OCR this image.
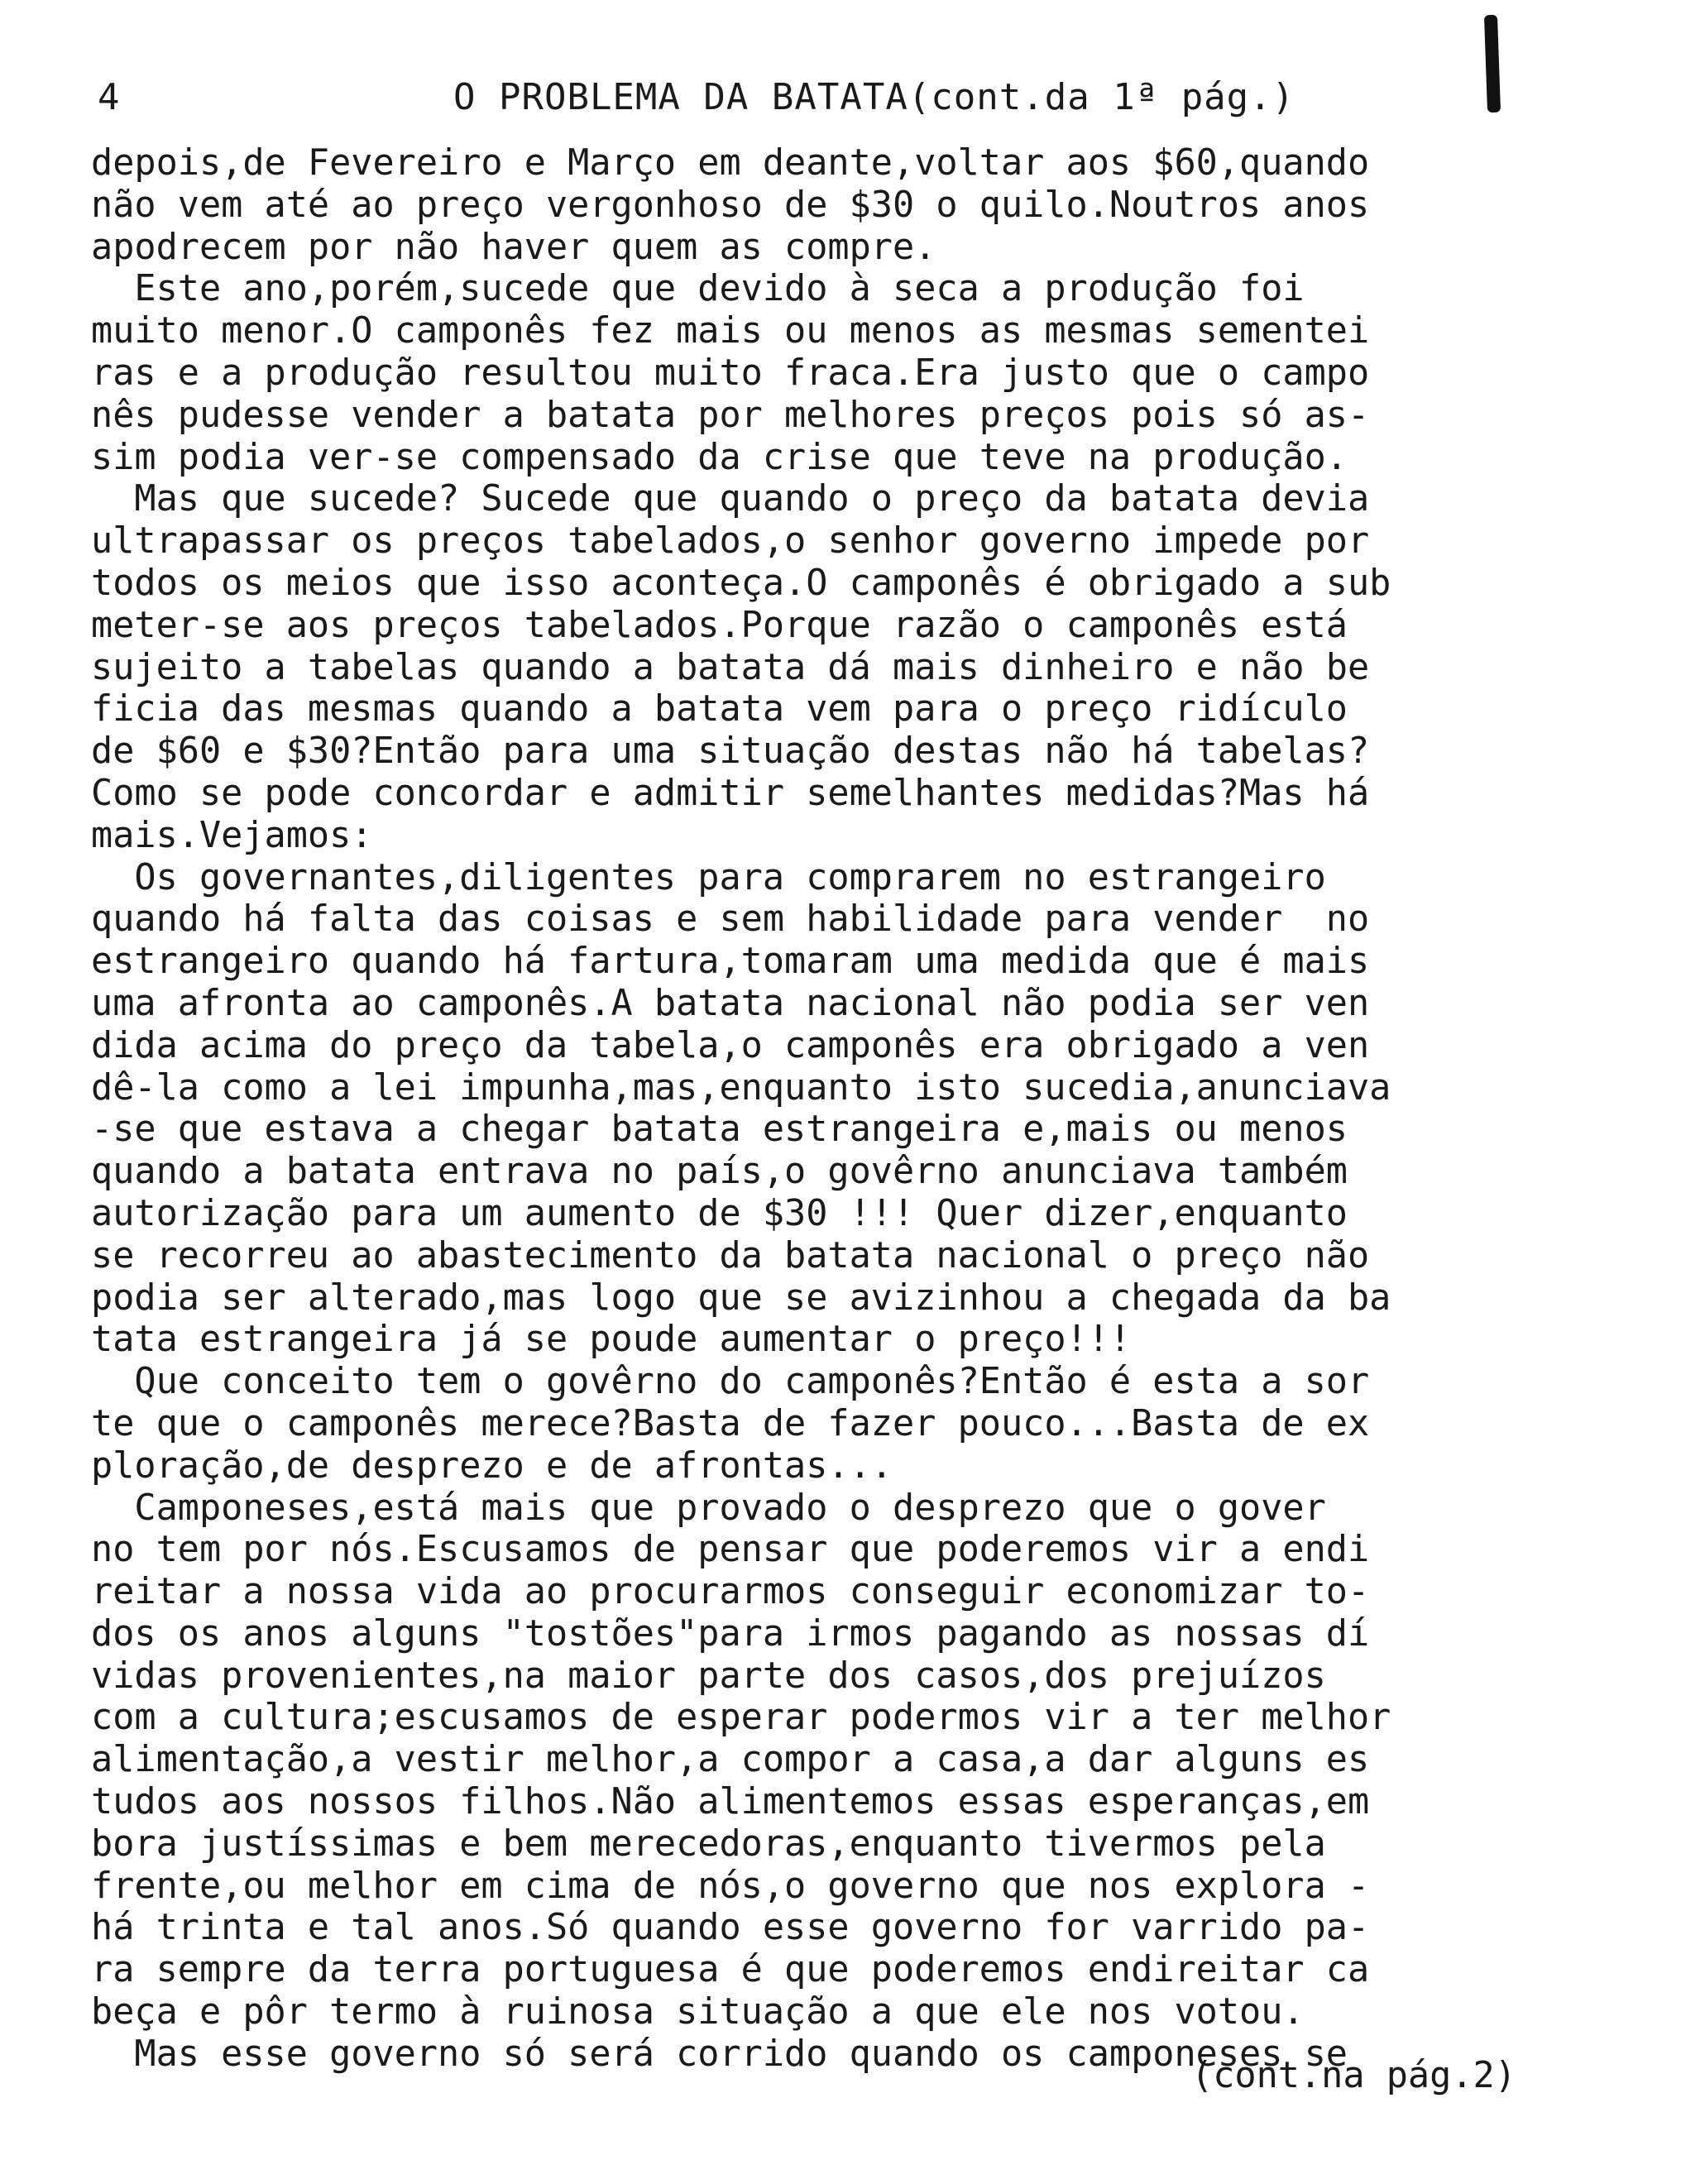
4	O PROBLEMA DA BATATA(cont.da 1ª pág.)
depois,de Fevereiro e Março em deante,voltar aos $60,quando
não vem até ao preço vergonhoso de $30 o quilo.Noutros anos
apodrecem por não haver quem as compre.
Este ano,porém,sucede que devido à seca a produção foi
muito menor.O camponês fez mais ou menos as mesmas sementei
ras e a produção resultou muito fraca.Era justo que o campo
nês pudesse vender a batata por melhores preços pois só as-
sim podia ver-se compensado da crise que teve na produção.
Mas que sucede? Sucede que quando o preço da batata devia
ultrapassar os preços tabelados,o senhor governo impede por
todos os meios que isso aconteça.O camponês é obrigado a sub
meter-se aos preços tabelados.Porque razão o camponês está
sujeito a tabelas quando a batata dá mais dinheiro e não be
ficia das mesmas quando a batata vem para o preço ridículo
de $60 e $30?Então para uma situação destas não há tabelas?
Como se pode concordar e admitir semelhantes medidas?Mas há
mais.Vejamos:
Os governantes,diligentes para comprarem no estrangeiro
quando há falta das coisas e sem habilidade para vender  no
estrangeiro quando há fartura,tomaram uma medida que é mais
uma afronta ao camponês.A batata nacional não podia ser ven
dida acima do preço da tabela,o camponês era obrigado a ven
dê-la como a lei impunha,mas,enquanto isto sucedia,anunciava
-se que estava a chegar batata estrangeira e,mais ou menos
quando a batata entrava no país,o govêrno anunciava também
autorização para um aumento de $30 !!! Quer dizer,enquanto
se recorreu ao abastecimento da batata nacional o preço não
podia ser alterado,mas logo que se avizinhou a chegada da ba
tata estrangeira já se poude aumentar o preço!!!
Que conceito tem o govêrno do camponês?Então é esta a sor
te que o camponês merece?Basta de fazer pouco...Basta de ex
ploração,de desprezo e de afrontas...
Camponeses,está mais que provado o desprezo que o gover
no tem por nós.Escusamos de pensar que poderemos vir a endi
reitar a nossa vida ao procurarmos conseguir economizar to-
dos os anos alguns "tostões"para irmos pagando as nossas dí
vidas provenientes,na maior parte dos casos,dos prejuízos
com a cultura;escusamos de esperar podermos vir a ter melhor
alimentação,a vestir melhor,a compor a casa,a dar alguns es
tudos aos nossos filhos.Não alimentemos essas esperanças,em
bora justíssimas e bem merecedoras,enquanto tivermos pela
frente,ou melhor em cima de nós,o governo que nos explora -
há trinta e tal anos.Só quando esse governo for varrido pa-
ra sempre da terra portuguesa é que poderemos endireitar ca
beça e pôr termo à ruinosa situação a que ele nos votou.
Mas esse governo só será corrido quando os camponeses se
(cont.na pág.2)
